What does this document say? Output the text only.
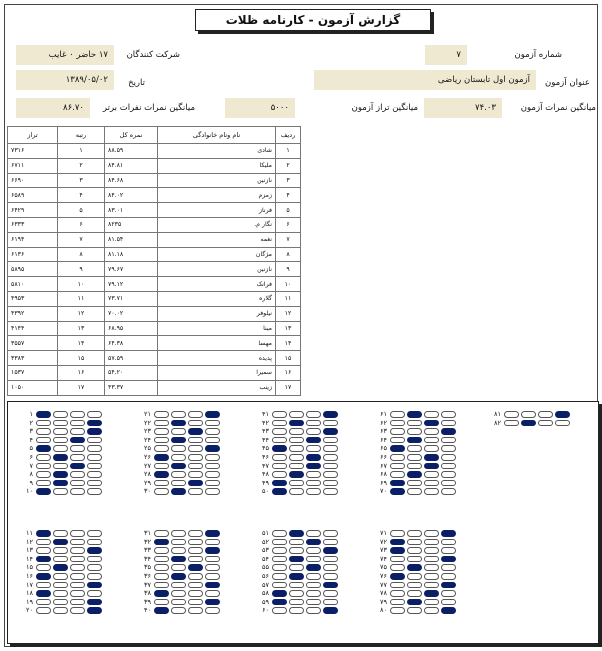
گزارش آزمون - کارنامه ظلات
شماره آزمون
۷
شرکت کنندگان
۱۷ حاضر ۰ غایب
عنوان آزمون
آزمون اول تابستان ریاضی
تاریخ
۱۳۸۹/۰۵/۰۲
میانگین نمرات آزمون
۷۴.۰۳
میانگین تراز آزمون
۵۰۰۰
میانگین نمرات نفرات برتر
۸۶.۷۰
ردیف	نام ونام خانوادگی	نمره کل	رتبه	تراز
۱	شادی	۸۸.۵۹	۱	۷۳۱۶
۲	ملیکا	۸۴.۸۱	۲	۶۷۱۱
۳	نازنین	۸۴.۶۸	۳	۶۶۹۰
۴	زمزم	۸۴.۰۲	۴	۶۵۸۹
۵	فرناز	۸۳.۰۱	۵	۶۴۲۹
۶	نگار م.	۸۲۳۵	۶	۶۳۳۳
۷	نغمه	۸۱.۵۴	۷	۶۱۹۴
۸	مژگان	۸۱.۱۸	۸	۶۱۳۶
۹	نازنین	۷۹.۶۷	۹	۵۸۹۵
۱۰	فرانک	۷۹.۱۲	۱۰	۵۸۱۰
۱۱	گلاره	۷۳.۷۱	۱۱	۴۹۵۳
۱۲	نیلوفر	۷۰.۰۲	۱۲	۴۳۹۲
۱۳	مینا	۶۸.۹۵	۱۳	۴۱۴۴
۱۴	مهسا	۶۴.۳۸	۱۴	۳۵۵۷
۱۵	پدیده	۵۷.۵۹	۱۵	۳۳۸۳
۱۶	سمیرا	۵۴.۲۰	۱۶	۱۵۳۷
۱۷	زینب	۴۳.۳۷	۱۷	۱۰۵۰
۱
۲
۳
۴
۵
۶
۷
۸
۹
۱۰
۱۱
۱۲
۱۳
۱۴
۱۵
۱۶
۱۷
۱۸
۱۹
۲۰
۲۱
۲۲
۲۳
۲۴
۲۵
۲۶
۲۷
۲۸
۲۹
۳۰
۳۱
۳۲
۳۳
۳۴
۳۵
۳۶
۳۷
۳۸
۳۹
۴۰
۴۱
۴۲
۴۳
۴۴
۴۵
۴۶
۴۷
۴۸
۴۹
۵۰
۵۱
۵۲
۵۳
۵۴
۵۵
۵۶
۵۷
۵۸
۵۹
۶۰
۶۱
۶۲
۶۳
۶۴
۶۵
۶۶
۶۷
۶۸
۶۹
۷۰
۷۱
۷۲
۷۳
۷۴
۷۵
۷۶
۷۷
۷۸
۷۹
۸۰
۸۱
۸۲
